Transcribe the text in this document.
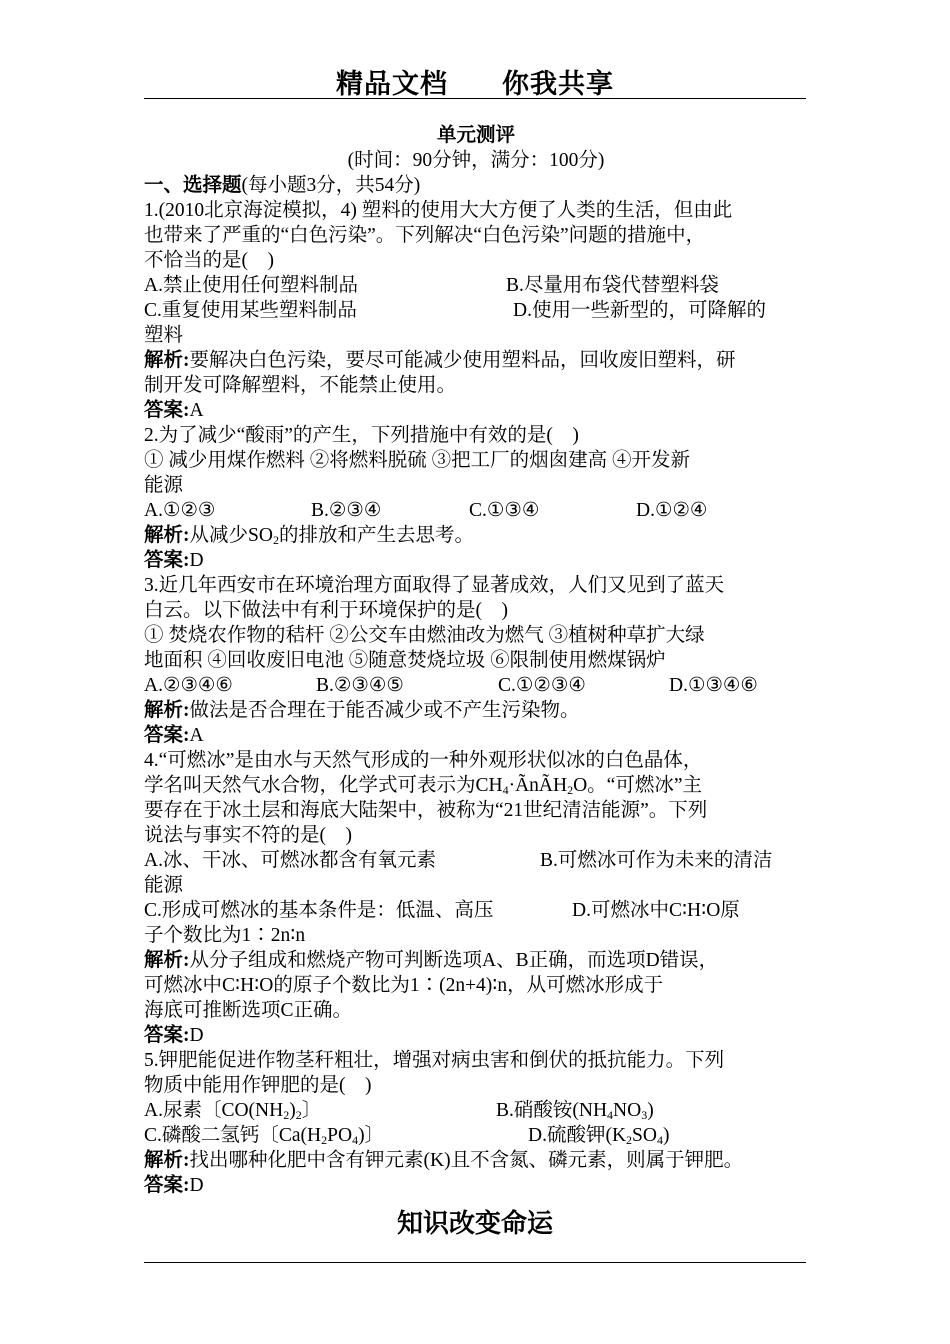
精品文档 你我共享
单元测评
(时间：90分钟，满分：100分)
一、选择题(每小题3分，共54分)
1.(2010北京海淀模拟，4) 塑料的使用大大方便了人类的生活，但由此
也带来了严重的“白色污染”。下列解决“白色污染”问题的措施中，
不恰当的是(　)
A.禁止使用任何塑料制品	B.尽量用布袋代替塑料袋
C.重复使用某些塑料制品	D.使用一些新型的，可降解的
塑料
解析:要解决白色污染，要尽可能减少使用塑料品，回收废旧塑料，研
制开发可降解塑料，不能禁止使用。
答案:A
2.为了减少“酸雨”的产生，下列措施中有效的是(　)
① 减少用煤作燃料 ②将燃料脱硫 ③把工厂的烟囱建高 ④开发新
能源
A.①②③	B.②③④	C.①③④	D.①②④
解析:从减少$SO_2$的排放和产生去思考。
答案:D
3.近几年西安市在环境治理方面取得了显著成效，人们又见到了蓝天
白云。以下做法中有利于环境保护的是(　)
① 焚烧农作物的秸杆 ②公交车由燃油改为燃气 ③植树种草扩大绿
地面积 ④回收废旧电池 ⑤随意焚烧垃圾 ⑥限制使用燃煤锅炉
A.②③④⑥	B.②③④⑤	C.①②③④	D.①③④⑥
解析:做法是否合理在于能否减少或不产生污染物。
答案:A
4.“可燃冰”是由水与天然气形成的一种外观形状似冰的白色晶体，
学名叫天然气水合物，化学式可表示为$CH_4\cdot ÃnÃH_2O$。“可燃冰”主
要存在于冰土层和海底大陆架中，被称为“21世纪清洁能源”。下列
说法与事实不符的是(　)
A.冰、干冰、可燃冰都含有氧元素	B.可燃冰可作为未来的清洁
能源
C.形成可燃冰的基本条件是：低温、高压	D.可燃冰中C∶H∶O原
子个数比为1∶2n∶n
解析:从分子组成和燃烧产物可判断选项A、B正确，而选项D错误，
可燃冰中C∶H∶O的原子个数比为1∶(2n+4)∶n，从可燃冰形成于
海底可推断选项C正确。
答案:D
5.钾肥能促进作物茎秆粗壮，增强对病虫害和倒伏的抵抗能力。下列
物质中能用作钾肥的是(　)
A.尿素〔$CO(NH_2)_2$〕	B.硝酸铵$(NH_4NO_3)$
C.磷酸二氢钙〔$Ca(H_2PO_4)$〕	D.硫酸钾$(K_2SO_4)$
解析:找出哪种化肥中含有钾元素(K)且不含氮、磷元素，则属于钾肥。
答案:D
知识改变命运
